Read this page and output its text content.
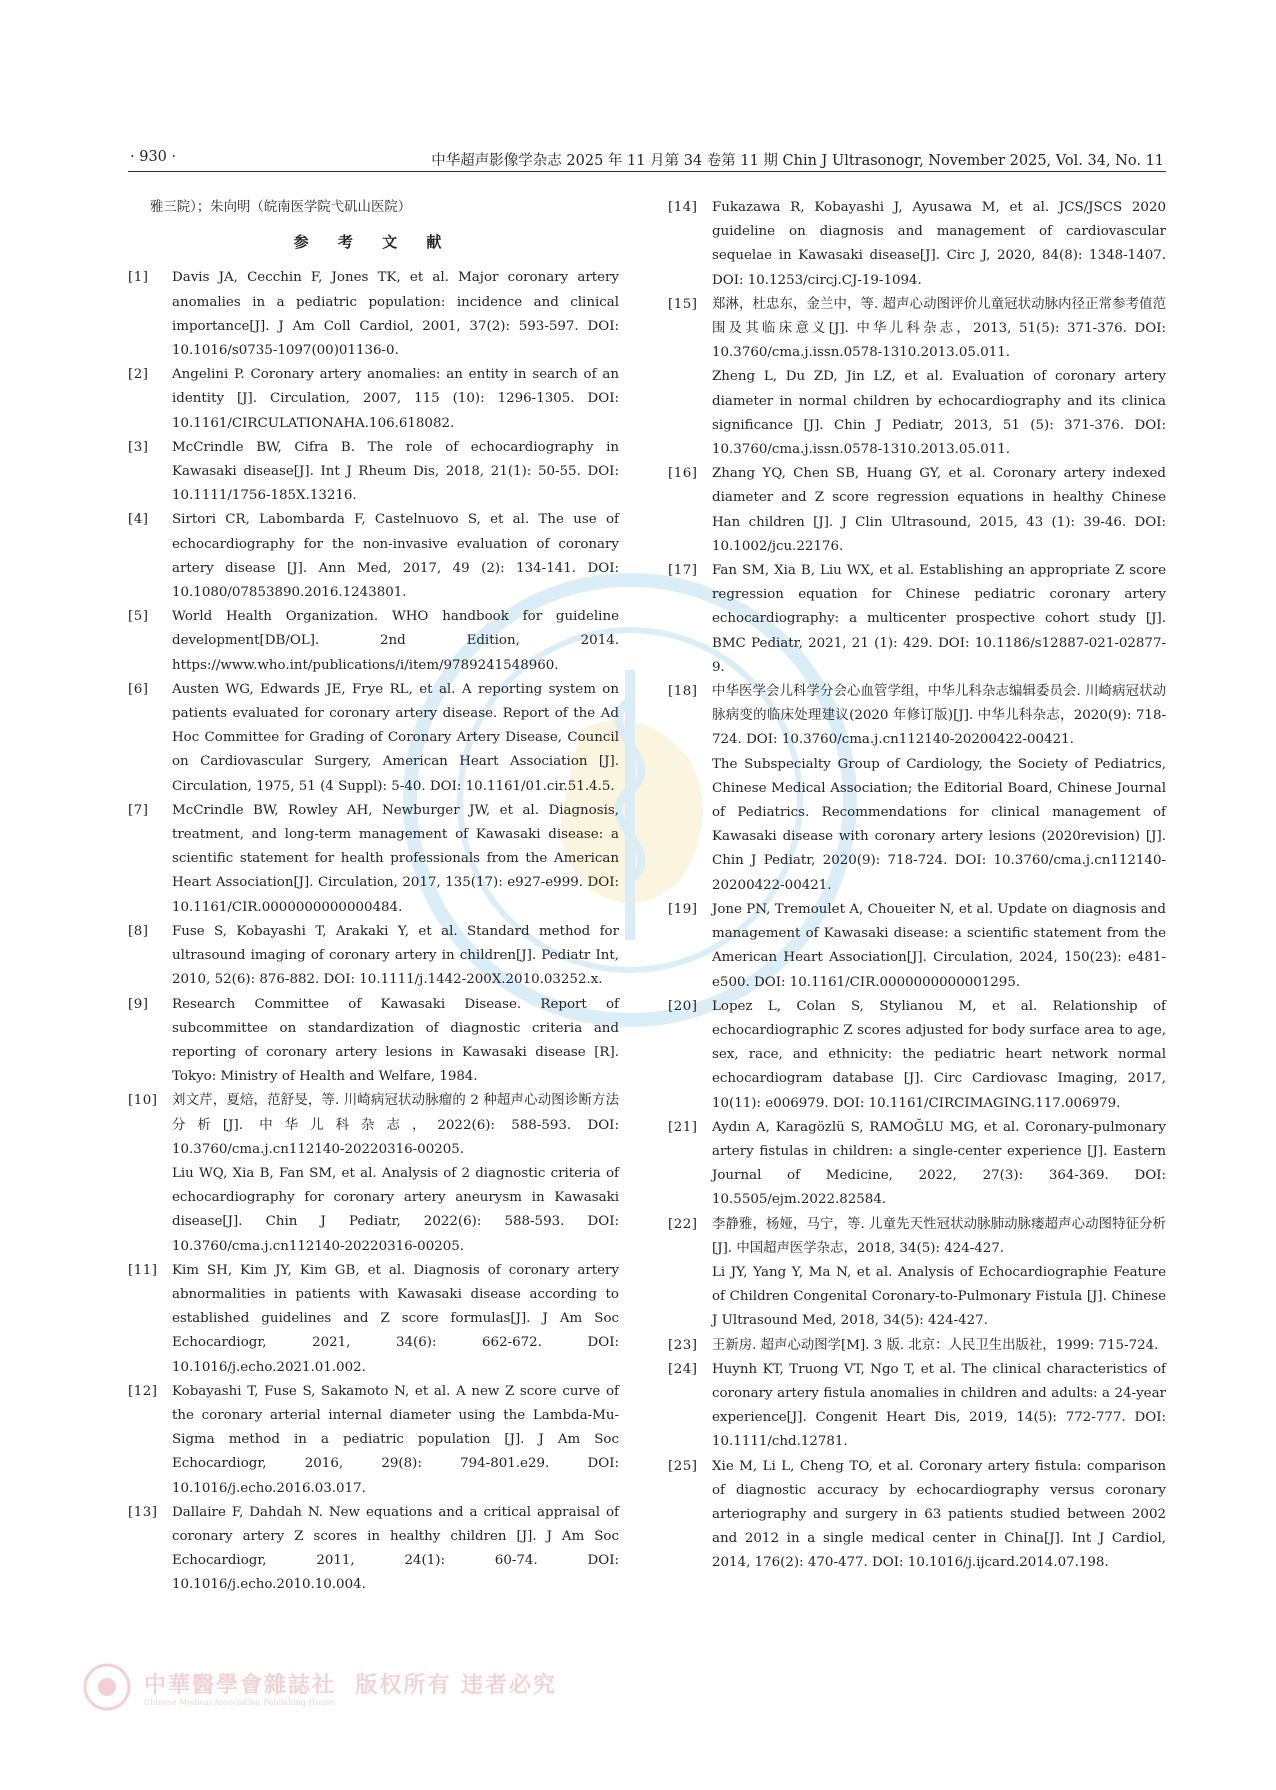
· 930 ·	中华超声影像学杂志 2025 年 11 月第 34 卷第 11 期 Chin J Ultrasonogr, November 2025, Vol. 34, No. 11
雅三院）；朱向明（皖南医学院弋矶山医院）
参 考 文 献
[1]	Davis JA, Cecchin F, Jones TK, et al. Major coronary artery anomalies in a pediatric population: incidence and clinical importance[J]. J Am Coll Cardiol, 2001, 37(2): 593-597. DOI: 10.1016/s0735-1097(00)01136-0.
[2]	Angelini P. Coronary artery anomalies: an entity in search of an identity [J]. Circulation, 2007, 115 (10): 1296-1305. DOI: 10.1161/CIRCULATIONAHA.106.618082.
[3]	McCrindle BW, Cifra B. The role of echocardiography in Kawasaki disease[J]. Int J Rheum Dis, 2018, 21(1): 50-55. DOI: 10.1111/1756-185X.13216.
[4]	Sirtori CR, Labombarda F, Castelnuovo S, et al. The use of echocardiography for the non-invasive evaluation of coronary artery disease [J]. Ann Med, 2017, 49 (2): 134-141. DOI: 10.1080/07853890.2016.1243801.
[5]	World Health Organization. WHO handbook for guideline development[DB/OL]. 2nd Edition, 2014. https://www.who.int/publications/i/item/9789241548960.
[6]	Austen WG, Edwards JE, Frye RL, et al. A reporting system on patients evaluated for coronary artery disease. Report of the Ad Hoc Committee for Grading of Coronary Artery Disease, Council on Cardiovascular Surgery, American Heart Association [J]. Circulation, 1975, 51 (4 Suppl): 5-40. DOI: 10.1161/01.cir.51.4.5.
[7]	McCrindle BW, Rowley AH, Newburger JW, et al. Diagnosis, treatment, and long-term management of Kawasaki disease: a scientific statement for health professionals from the American Heart Association[J]. Circulation, 2017, 135(17): e927-e999. DOI: 10.1161/CIR.0000000000000484.
[8]	Fuse S, Kobayashi T, Arakaki Y, et al. Standard method for ultrasound imaging of coronary artery in children[J]. Pediatr Int, 2010, 52(6): 876-882. DOI: 10.1111/j.1442-200X.2010.03252.x.
[9]	Research Committee of Kawasaki Disease. Report of subcommittee on standardization of diagnostic criteria and reporting of coronary artery lesions in Kawasaki disease [R]. Tokyo: Ministry of Health and Welfare, 1984.
[10]	刘文芹，夏焙，范舒旻，等. 川崎病冠状动脉瘤的 2 种超声心动图诊断方法分析[J]. 中华儿科杂志，2022(6): 588-593. DOI: 10.3760/cma.j.cn112140-20220316-00205.
Liu WQ, Xia B, Fan SM, et al. Analysis of 2 diagnostic criteria of echocardiography for coronary artery aneurysm in Kawasaki disease[J]. Chin J Pediatr, 2022(6): 588-593. DOI: 10.3760/cma.j.cn112140-20220316-00205.
[11]	Kim SH, Kim JY, Kim GB, et al. Diagnosis of coronary artery abnormalities in patients with Kawasaki disease according to established guidelines and Z score formulas[J]. J Am Soc Echocardiogr, 2021, 34(6): 662-672. DOI: 10.1016/j.echo.2021.01.002.
[12]	Kobayashi T, Fuse S, Sakamoto N, et al. A new Z score curve of the coronary arterial internal diameter using the Lambda-Mu-Sigma method in a pediatric population [J]. J Am Soc Echocardiogr, 2016, 29(8): 794-801.e29. DOI: 10.1016/j.echo.2016.03.017.
[13]	Dallaire F, Dahdah N. New equations and a critical appraisal of coronary artery Z scores in healthy children [J]. J Am Soc Echocardiogr, 2011, 24(1): 60-74. DOI: 10.1016/j.echo.2010.10.004.
[14]	Fukazawa R, Kobayashi J, Ayusawa M, et al. JCS/JSCS 2020 guideline on diagnosis and management of cardiovascular sequelae in Kawasaki disease[J]. Circ J, 2020, 84(8): 1348-1407. DOI: 10.1253/circj.CJ-19-1094.
[15]	郑淋，杜忠东，金兰中，等. 超声心动图评价儿童冠状动脉内径正常参考值范围及其临床意义[J]. 中华儿科杂志，2013, 51(5): 371-376. DOI: 10.3760/cma.j.issn.0578-1310.2013.05.011.
Zheng L, Du ZD, Jin LZ, et al. Evaluation of coronary artery diameter in normal children by echocardiography and its clinica significance [J]. Chin J Pediatr, 2013, 51 (5): 371-376. DOI: 10.3760/cma.j.issn.0578-1310.2013.05.011.
[16]	Zhang YQ, Chen SB, Huang GY, et al. Coronary artery indexed diameter and Z score regression equations in healthy Chinese Han children [J]. J Clin Ultrasound, 2015, 43 (1): 39-46. DOI: 10.1002/jcu.22176.
[17]	Fan SM, Xia B, Liu WX, et al. Establishing an appropriate Z score regression equation for Chinese pediatric coronary artery echocardiography: a multicenter prospective cohort study [J]. BMC Pediatr, 2021, 21 (1): 429. DOI: 10.1186/s12887-021-02877-9.
[18]	中华医学会儿科学分会心血管学组，中华儿科杂志编辑委员会. 川崎病冠状动脉病变的临床处理建议(2020 年修订版)[J]. 中华儿科杂志，2020(9): 718-724. DOI: 10.3760/cma.j.cn112140-20200422-00421.
The Subspecialty Group of Cardiology, the Society of Pediatrics, Chinese Medical Association; the Editorial Board, Chinese Journal of Pediatrics. Recommendations for clinical management of Kawasaki disease with coronary artery lesions (2020revision) [J]. Chin J Pediatr, 2020(9): 718-724. DOI: 10.3760/cma.j.cn112140-20200422-00421.
[19]	Jone PN, Tremoulet A, Choueiter N, et al. Update on diagnosis and management of Kawasaki disease: a scientific statement from the American Heart Association[J]. Circulation, 2024, 150(23): e481-e500. DOI: 10.1161/CIR.0000000000001295.
[20]	Lopez L, Colan S, Stylianou M, et al. Relationship of echocardiographic Z scores adjusted for body surface area to age, sex, race, and ethnicity: the pediatric heart network normal echocardiogram database [J]. Circ Cardiovasc Imaging, 2017, 10(11): e006979. DOI: 10.1161/CIRCIMAGING.117.006979.
[21]	Aydın A, Karagözlü S, RAMOĞLU MG, et al. Coronary-pulmonary artery fistulas in children: a single-center experience [J]. Eastern Journal of Medicine, 2022, 27(3): 364-369. DOI: 10.5505/ejm.2022.82584.
[22]	李静雅，杨娅，马宁，等. 儿童先天性冠状动脉肺动脉瘘超声心动图特征分析[J]. 中国超声医学杂志，2018, 34(5): 424-427.
Li JY, Yang Y, Ma N, et al. Analysis of Echocardiographie Feature of Children Congenital Coronary-to-Pulmonary Fistula [J]. Chinese J Ultrasound Med, 2018, 34(5): 424-427.
[23]	王新房. 超声心动图学[M]. 3 版. 北京：人民卫生出版社，1999: 715-724.
[24]	Huynh KT, Truong VT, Ngo T, et al. The clinical characteristics of coronary artery fistula anomalies in children and adults: a 24-year experience[J]. Congenit Heart Dis, 2019, 14(5): 772-777. DOI: 10.1111/chd.12781.
[25]	Xie M, Li L, Cheng TO, et al. Coronary artery fistula: comparison of diagnostic accuracy by echocardiography versus coronary arteriography and surgery in 63 patients studied between 2002 and 2012 in a single medical center in China[J]. Int J Cardiol, 2014, 176(2): 470-477. DOI: 10.1016/j.ijcard.2014.07.198.
中華醫學會雜誌社 版权所有 违者必究
Chinese Medical Association Publishing House
